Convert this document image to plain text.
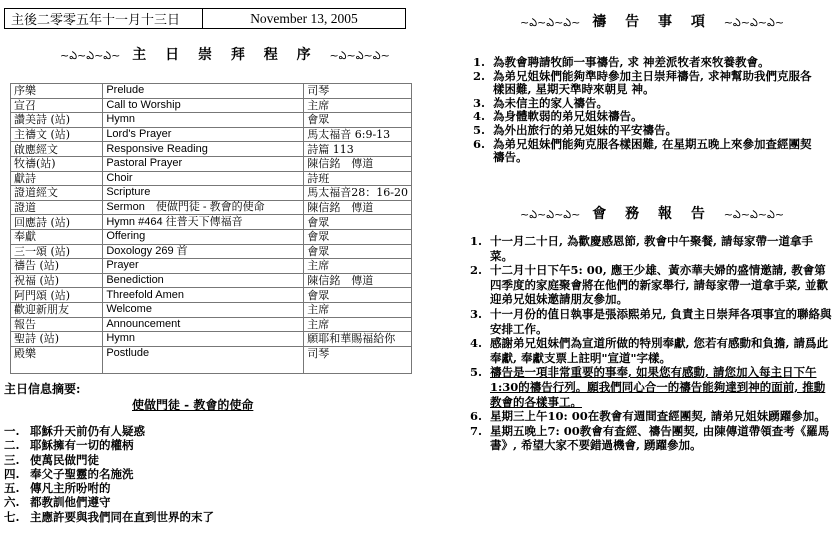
主後二零零五年十一月十三日	November 13, 2005
⁠~ఎ~ఎ~ఎ~ 主 日 崇 拜 程 序 ⁠~ఎ~ఎ~ఎ~
序樂	Prelude	司琴
宣召	Call to Worship	主席
讚美詩 (站)	Hymn	會眾
主禱文 (站)	Lord's Prayer	馬太福音 6:9-13
啟應經文	Responsive Reading	詩篇 113
牧禱(站)	Pastoral Prayer	陳信銘　傳道
獻詩	Choir	詩班
證道經文	Scripture	馬太福音28：16-20
證道	Sermon　使做門徒 - 教會的使命	陳信銘　傳道
回應詩 (站)	Hymn #464 往普天下傳福音	會眾
奉獻	Offering	會眾
三一頌 (站)	Doxology 269 首	會眾
禱告 (站)	Prayer	主席
祝福 (站)	Benediction	陳信銘　傳道
阿門頌 (站)	Threefold Amen	會眾
歡迎新朋友	Welcome	主席
報告	Announcement	主席
聖詩 (站)	Hymn	願耶和華賜福給你
殿樂	Postlude	司琴
主日信息摘要:
使做門徒 - 教會的使命
一. 耶穌升天前仍有人疑惑
二. 耶穌擁有一切的權柄
三. 使萬民做門徒
四. 奉父子聖靈的名施洗
五. 傳凡主所吩咐的
六. 都教訓他們遵守
七. 主應許要與我們同在直到世界的末了
~ఎ~ఎ~ఎ~ 禱 告 事 項 ~ఎ~ఎ~ఎ~
1. 為教會聘請牧師一事禱告, 求 神差派牧者來牧養教會。
2. 為弟兄姐妹們能夠準時參加主日崇拜禱告, 求神幫助我們克服各樣困難, 星期天準時來朝見 神。
3. 為未信主的家人禱告。
4. 為身體軟弱的弟兄姐妹禱告。
5. 為外出旅行的弟兄姐妹的平安禱告。
6. 為弟兄姐妹們能夠克服各樣困難, 在星期五晚上來參加查經團契禱告。
~ఎ~ఎ~ఎ~ 會 務 報 告 ~ఎ~ఎ~ఎ~
1. 十一月二十日, 為歡慶感恩節, 教會中午聚餐, 請每家帶一道拿手菜。
2. 十二月十日下午5: 00, 應王少雄、黃亦華夫婦的盛情邀請, 教會第四季度的家庭聚會將在他們的新家舉行, 請每家帶一道拿手菜, 並歡迎弟兄姐妹邀請朋友參加。
3. 十一月份的值日執事是張添熙弟兄, 負責主日崇拜各項事宜的聯絡與安排工作。
4. 感謝弟兄姐妹們為宣道所做的特別奉獻, 您若有感動和負擔, 請爲此奉獻, 奉獻支票上註明"宣道"字樣。
5. 禱告是一項非常重要的事奉, 如果您有感動, 請您加入每主日下午1:30的禱告行列。願我們同心合一的禱告能夠達到神的面前, 推動教會的各樣事工。
6. 星期三上午10: 00在教會有週間查經團契, 請弟兄姐妹踴躍參加。
7. 星期五晚上7: 00教會有查經、禱告團契, 由陳傳道帶領查考《羅馬書》, 希望大家不要錯過機會, 踴躍參加。
